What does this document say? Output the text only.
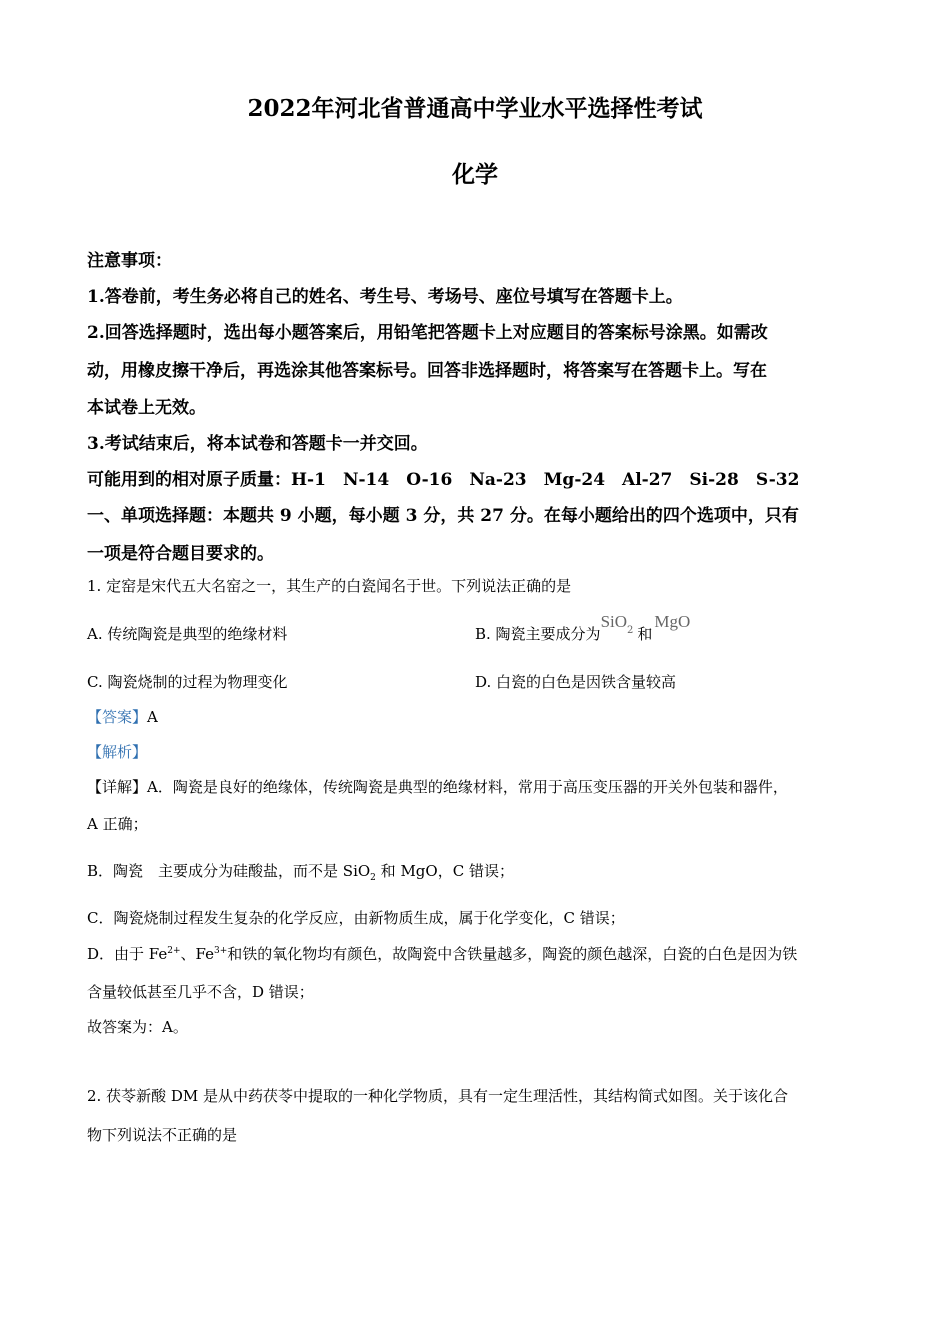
2022年河北省普通高中学业水平选择性考试
化学
注意事项：
1.答卷前，考生务必将自己的姓名、考生号、考场号、座位号填写在答题卡上。
2.回答选择题时，选出每小题答案后，用铅笔把答题卡上对应题目的答案标号涂黑。如需改
动，用橡皮擦干净后，再选涂其他答案标号。回答非选择题时，将答案写在答题卡上。写在
本试卷上无效。
3.考试结束后，将本试卷和答题卡一并交回。
可能用到的相对原子质量：H-1　N-14　O-16　Na-23　Mg-24　Al-27　Si-28　S-32
一、单项选择题：本题共 9 小题，每小题 3 分，共 27 分。在每小题给出的四个选项中，只有
一项是符合题目要求的。
1. 定窑是宋代五大名窑之一，其生产的白瓷闻名于世。下列说法正确的是
A. 传统陶瓷是典型的绝缘材料	B. 陶瓷主要成分为SiO$_2$ 和MgO
C. 陶瓷烧制的过程为物理变化	D. 白瓷的白色是因铁含量较高
【答案】A
【解析】
【详解】A．陶瓷是良好的绝缘体，传统陶瓷是典型的绝缘材料，常用于高压变压器的开关外包装和器件，
A 正确；
B．陶瓷　主要成分为硅酸盐，而不是 SiO$_2$ 和 MgO，C 错误；
C．陶瓷烧制过程发生复杂的化学反应，由新物质生成，属于化学变化，C 错误；
D．由于 $Fe^{2+}$、$Fe^{3+}$和铁的氧化物均有颜色，故陶瓷中含铁量越多，陶瓷的颜色越深，白瓷的白色是因为铁
含量较低甚至几乎不含，D 错误；
故答案为：A。
2. 茯苓新酸 DM 是从中药茯苓中提取的一种化学物质，具有一定生理活性，其结构简式如图。关于该化合
物下列说法不正确的是
